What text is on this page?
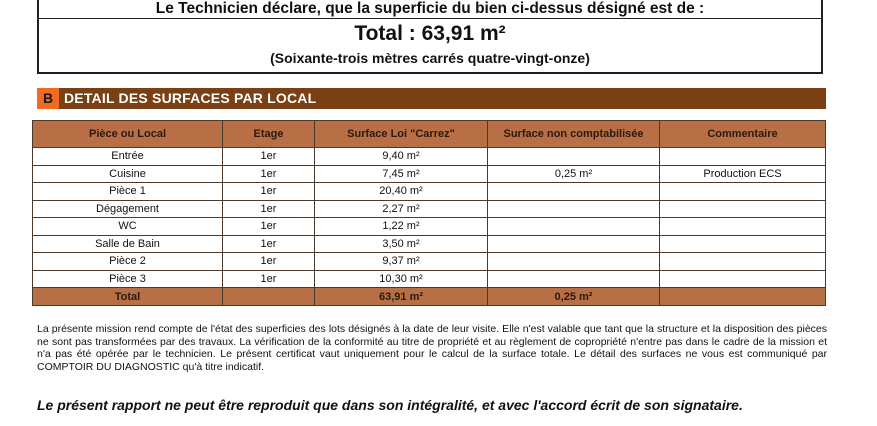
Le Technicien déclare, que la superficie du bien ci-dessus désigné est de :
Total : 63,91 m²
(Soixante-trois mètres carrés quatre-vingt-onze)
B DETAIL DES SURFACES PAR LOCAL
Pièce ou Local	Etage	Surface Loi "Carrez"	Surface non comptabilisée	Commentaire
Entrée	1er	9,40 m²		
Cuisine	1er	7,45 m²	0,25 m²	Production ECS
Pièce 1	1er	20,40 m²		
Dégagement	1er	2,27 m²		
WC	1er	1,22 m²		
Salle de Bain	1er	3,50 m²		
Pièce 2	1er	9,37 m²		
Pièce 3	1er	10,30 m²		
Total		63,91 m²	0,25 m²	

La présente mission rend compte de l'état des superficies des lots désignés à la date de leur visite. Elle n'est valable que tant que la structure et la disposition des pièces ne sont pas transformées par des travaux. La vérification de la conformité au titre de propriété et au règlement de copropriété n'entre pas dans le cadre de la mission et n'a pas été opérée par le technicien. Le présent certificat vaut uniquement pour le calcul de la surface totale. Le détail des surfaces ne vous est communiqué par COMPTOIR DU DIAGNOSTIC qu'à titre indicatif.

Le présent rapport ne peut être reproduit que dans son intégralité, et avec l'accord écrit de son signataire.
